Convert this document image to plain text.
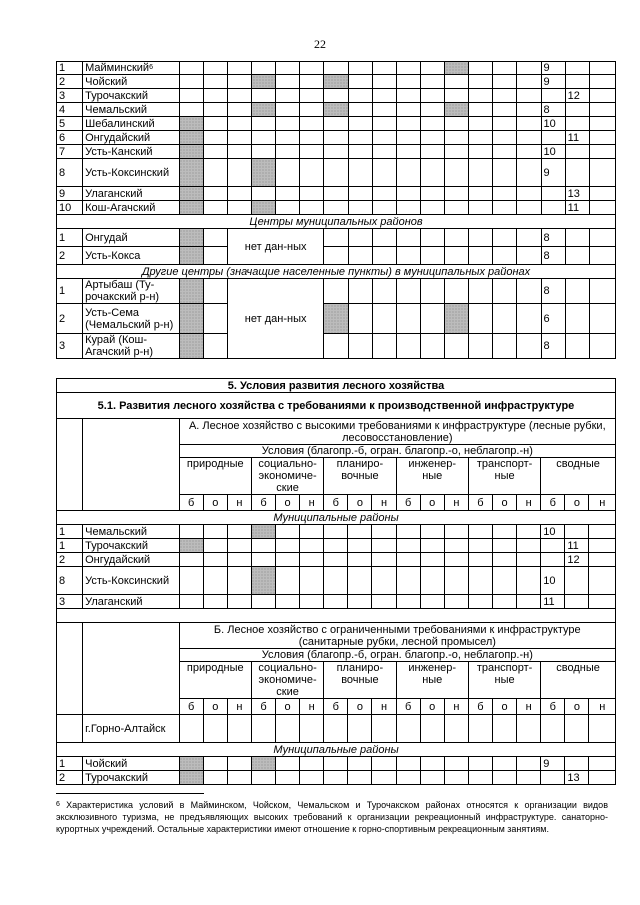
22
1	Майминский$^6$																9		
2	Чойский																9		
3	Турочакский																	12	
4	Чемальский																8		
5	Шебалинский																10		
6	Онгудайский																	11	
7	Усть-Канский																10		
8	Усть-Коксинский																9		
9	Улаганский																	13	
10	Кош-Агачский																	11	
Центры муниципальных районов																			
1	Онгудай			нет дан-ных													8		
2	Усть-Кокса																8		
Другие центры (значащие населенные пункты) в муниципальных районах																			
1	Артыбаш (Ту-рочакский р-н)			нет дан-ных													8		
2	Усть-Сема (Чемальский р-н)																6		
3	Курай (Кош-Агачский р-н)																8		
5. Условия развития лесного хозяйства																			
5.1. Развития лесного хозяйства с требованиями к производственной инфраструктуре																			
		А. Лесное хозяйство с высокими требованиями к инфраструктуре (лесные рубки, лесовосстановление)																	
		Условия (благопр.-б, огран. благопр.-о, неблагопр.-н)																	
		природные			социально-экономиче-ские			планиро-вочные			инженер-ные			транспорт-ные			сводные		
		б	о	н	б	о	н	б	о	н	б	о	н	б	о	н	б	о	н
Муниципальные районы																			
1	Чемальский																10		
1	Турочакский																	11	
2	Онгудайский																	12	
8	Усть-Коксинский																10		
3	Улаганский																11		

		Б. Лесное хозяйство с ограниченными требованиями к инфраструктуре (санитарные рубки, лесной промысел)																	
		Условия (благопр.-б, огран. благопр.-о, неблагопр.-н)																	
		природные			социально-экономиче-ские			планиро-вочные			инженер-ные			транспорт-ные			сводные		
		б	о	н	б	о	н	б	о	н	б	о	н	б	о	н	б	о	н
	г.Горно-Алтайск																		
Муниципальные районы																			
1	Чойский																9		
2	Турочакский																	13	
$^6$ Характеристика условий в Майминском, Чойском, Чемальском и Турочакском районах относятся к организации видов эксклюзивного туризма, не предъявляющих высоких требований к организации рекреационный инфраструктуре. санаторно-курортных учреждений. Остальные характеристики имеют отношение к горно-спортивным рекреационным занятиям.
